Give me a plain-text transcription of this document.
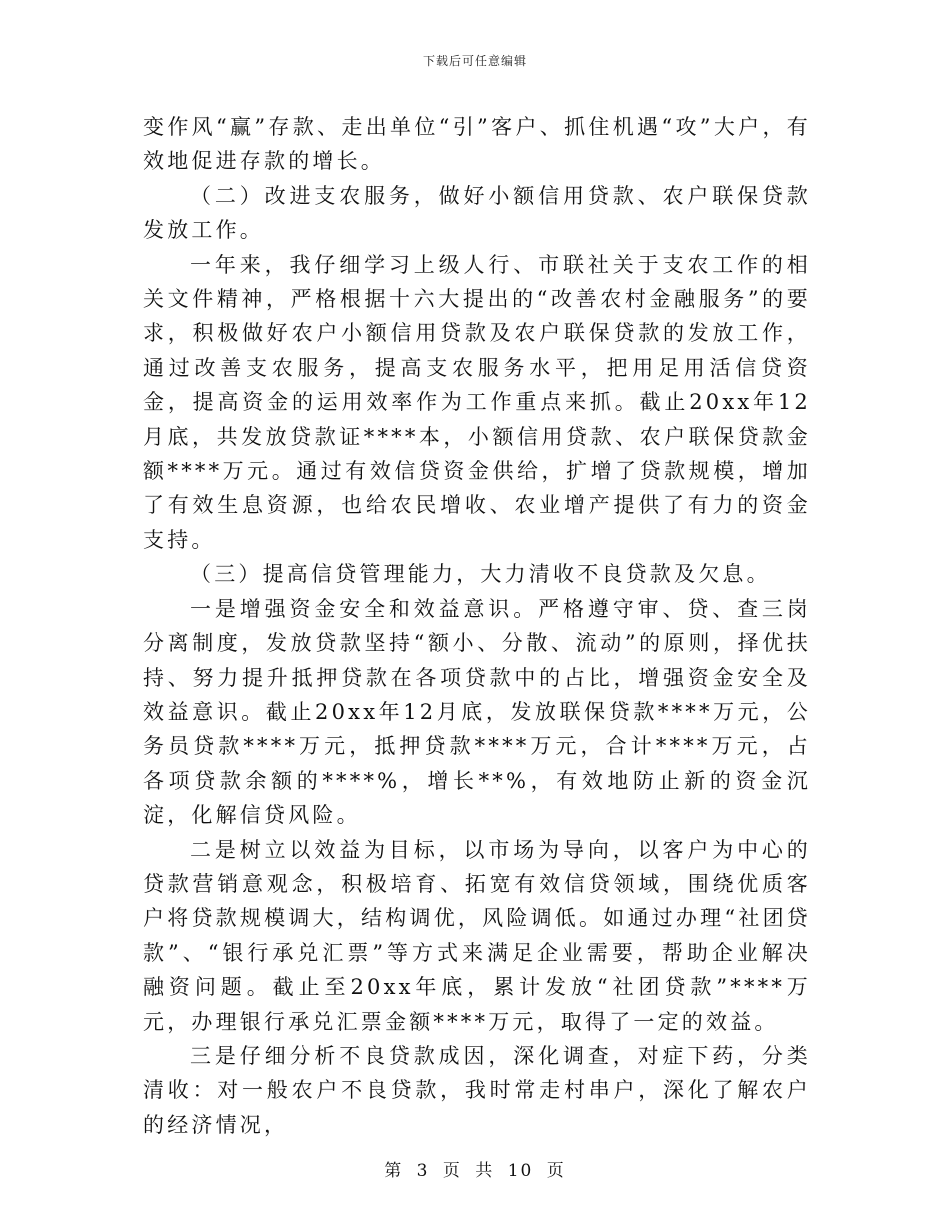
下载后可任意编辑

变作风“赢”存款、走出单位“引”客户、抓住机遇“攻”大户，有效地促进存款的增长。

（二）改进支农服务，做好小额信用贷款、农户联保贷款发放工作。

一年来，我仔细学习上级人行、市联社关于支农工作的相关文件精神，严格根据十六大提出的“改善农村金融服务”的要求，积极做好农户小额信用贷款及农户联保贷款的发放工作，通过改善支农服务，提高支农服务水平，把用足用活信贷资金，提高资金的运用效率作为工作重点来抓。截止20xx年12月底，共发放贷款证****本，小额信用贷款、农户联保贷款金额****万元。通过有效信贷资金供给，扩增了贷款规模，增加了有效生息资源，也给农民增收、农业增产提供了有力的资金支持。

（三）提高信贷管理能力，大力清收不良贷款及欠息。

一是增强资金安全和效益意识。严格遵守审、贷、查三岗分离制度，发放贷款坚持“额小、分散、流动”的原则，择优扶持、努力提升抵押贷款在各项贷款中的占比，增强资金安全及效益意识。截止20xx年12月底，发放联保贷款****万元，公务员贷款****万元，抵押贷款****万元，合计****万元，占各项贷款余额的****%，增长**%，有效地防止新的资金沉淀，化解信贷风险。

二是树立以效益为目标，以市场为导向，以客户为中心的贷款营销意观念，积极培育、拓宽有效信贷领域，围绕优质客户将贷款规模调大，结构调优，风险调低。如通过办理“社团贷款”、“银行承兑汇票”等方式来满足企业需要，帮助企业解决融资问题。截止至20xx年底，累计发放“社团贷款”****万元，办理银行承兑汇票金额****万元，取得了一定的效益。

三是仔细分析不良贷款成因，深化调查，对症下药，分类清收：对一般农户不良贷款，我时常走村串户，深化了解农户的经济情况，

第 3 页 共 10 页
